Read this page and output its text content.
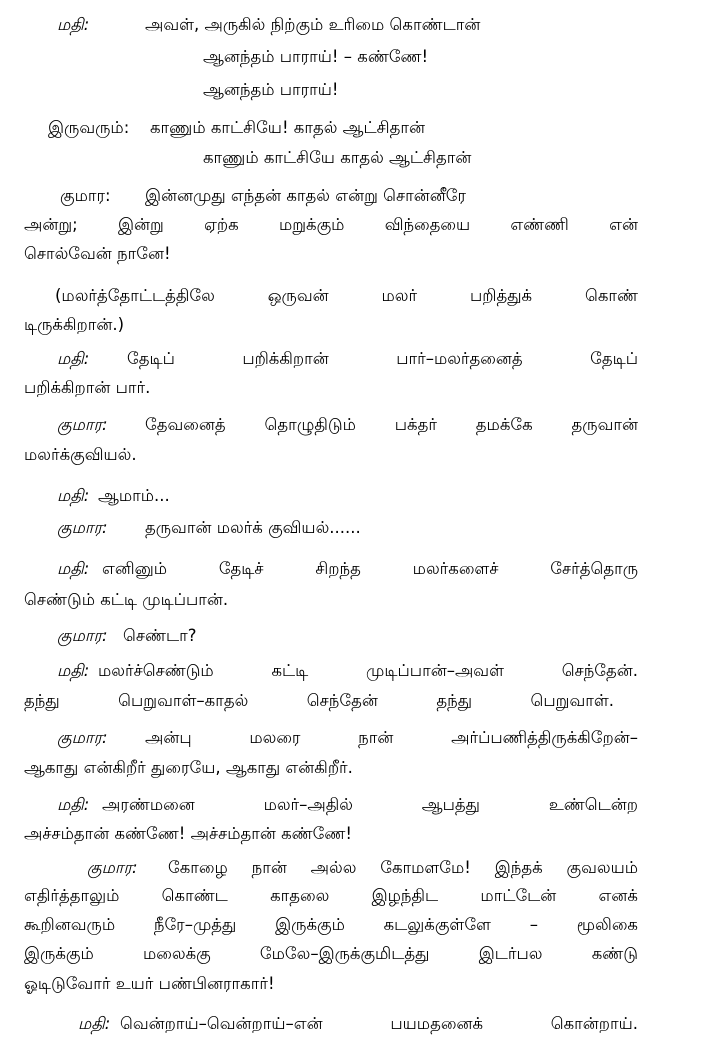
மதி:	அவள், அருகில் நிற்கும் உரிமை கொண்டான்
ஆனந்தம் பாராய்! – கண்ணே!
ஆனந்தம் பாராய்!
இருவரும்: காணும் காட்சியே! காதல் ஆட்சிதான்
காணும் காட்சியே காதல் ஆட்சிதான்
குமார: இன்னமுது எந்தன் காதல் என்று சொன்னீரே
அன்று; இன்று ஏற்க மறுக்கும் விந்தையை எண்ணி என்
சொல்வேன் நானே!
(மலர்த்தோட்டத்திலே ஒருவன் மலர் பறித்துக் கொண்
டிருக்கிறான்.)
மதி: தேடிப் பறிக்கிறான் பார்–மலர்தனைத் தேடிப்
பறிக்கிறான் பார்.
குமார: தேவனைத் தொழுதிடும் பக்தர் தமக்கே தருவான்
மலர்க்குவியல்.
மதி: ஆமாம்...
குமார: தருவான் மலர்க் குவியல்......
மதி: எனினும் தேடிச் சிறந்த மலர்களைச் சேர்த்தொரு
செண்டும் கட்டி முடிப்பான்.
குமார: செண்டா?
மதி: மலர்ச்செண்டும் கட்டி முடிப்பான்–அவள் செந்தேன்.
தந்து பெறுவாள்–காதல் செந்தேன் தந்து பெறுவாள்.
குமார: அன்பு மலரை நான் அர்ப்பணித்திருக்கிறேன்–
ஆகாது என்கிறீர் துரையே, ஆகாது என்கிறீர்.
மதி: அரண்மனை மலர்–அதில் ஆபத்து உண்டென்ற
அச்சம்தான் கண்ணே! அச்சம்தான் கண்ணே!
குமார: கோழை நான் அல்ல கோமளமே! இந்தக் குவலயம்
எதிர்த்தாலும் கொண்ட காதலை இழந்திட மாட்டேன் எனக்
கூறினவரும் நீரே–முத்து இருக்கும் கடலுக்குள்ளே – மூலிகை
இருக்கும் மலைக்கு மேலே–இருக்குமிடத்து இடர்பல கண்டு
ஓடிடுவோர் உயர் பண்பினராகார்!
மதி: வென்றாய்–வென்றாய்–என் பயமதனைக் கொன்றாய்.
